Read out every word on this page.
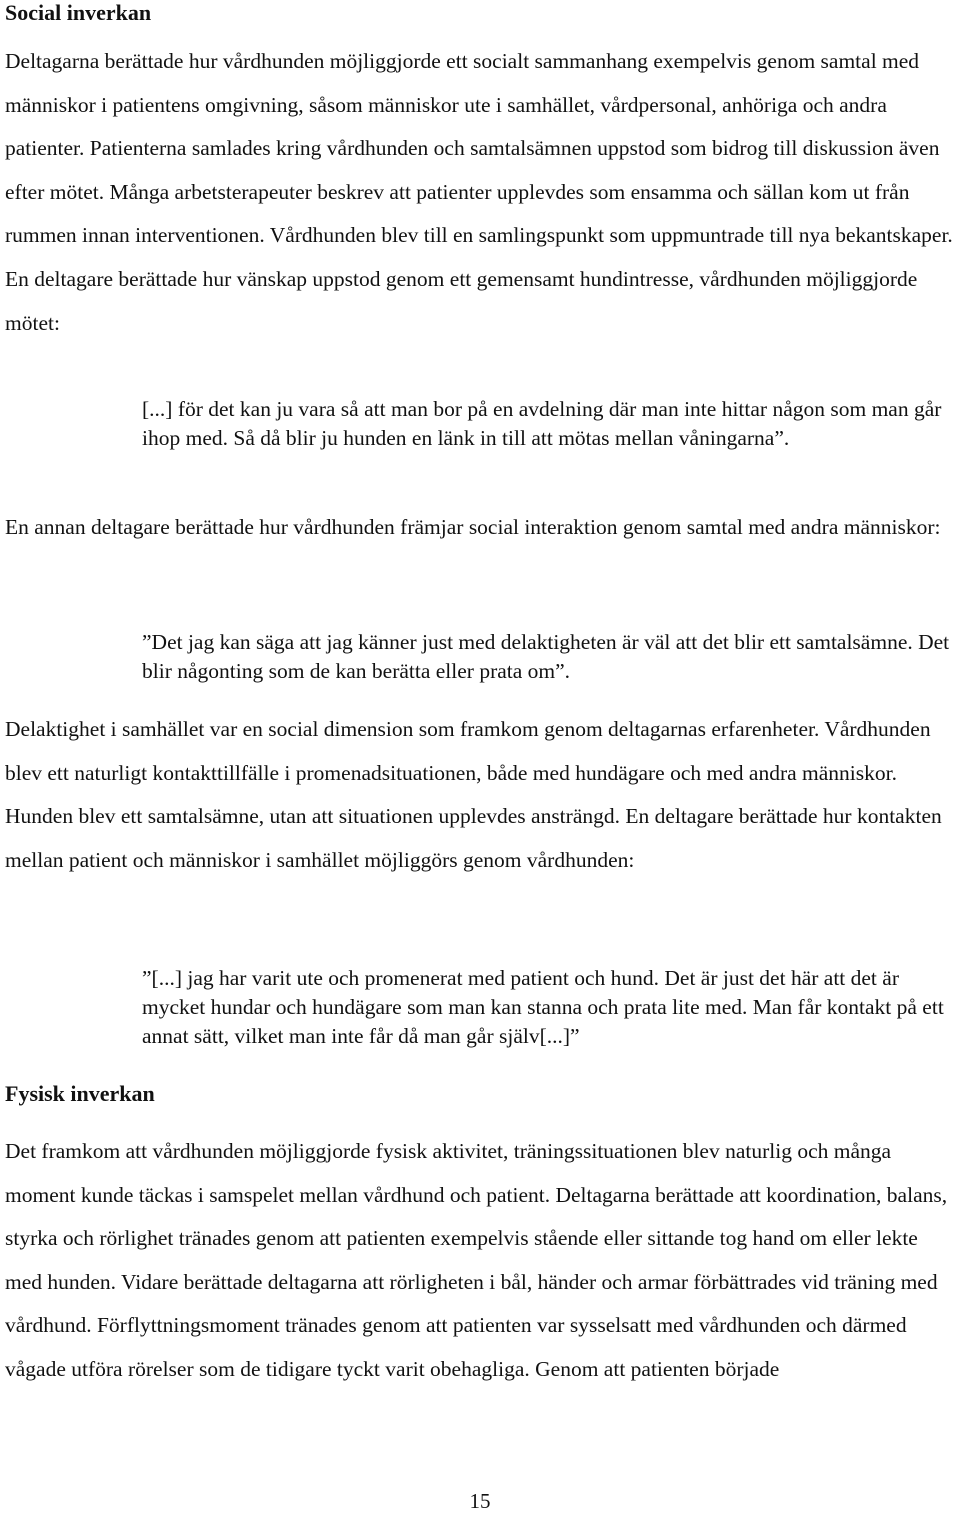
Social inverkan

Deltagarna berättade hur vårdhunden möjliggjorde ett socialt sammanhang exempelvis genom samtal med människor i patientens omgivning, såsom människor ute i samhället, vårdpersonal, anhöriga och andra patienter. Patienterna samlades kring vårdhunden och samtalsämnen uppstod som bidrog till diskussion även efter mötet. Många arbetsterapeuter beskrev att patienter upplevdes som ensamma och sällan kom ut från rummen innan interventionen. Vårdhunden blev till en samlingspunkt som uppmuntrade till nya bekantskaper. En deltagare berättade hur vänskap uppstod genom ett gemensamt hundintresse, vårdhunden möjliggjorde mötet:

[...] för det kan ju vara så att man bor på en avdelning där man inte hittar någon som man går ihop med. Så då blir ju hunden en länk in till att mötas mellan våningarna”.

En annan deltagare berättade hur vårdhunden främjar social interaktion genom samtal med andra människor:

”Det jag kan säga att jag känner just med delaktigheten är väl att det blir ett samtalsämne. Det blir någonting som de kan berätta eller prata om”.

Delaktighet i samhället var en social dimension som framkom genom deltagarnas erfarenheter. Vårdhunden blev ett naturligt kontakttillfälle i promenadsituationen, både med hundägare och med andra människor. Hunden blev ett samtalsämne, utan att situationen upplevdes ansträngd. En deltagare berättade hur kontakten mellan patient och människor i samhället möjliggörs genom vårdhunden:

”[...] jag har varit ute och promenerat med patient och hund. Det är just det här att det är mycket hundar och hundägare som man kan stanna och prata lite med. Man får kontakt på ett annat sätt, vilket man inte får då man går själv[...]”

Fysisk inverkan

Det framkom att vårdhunden möjliggjorde fysisk aktivitet, träningssituationen blev naturlig och många moment kunde täckas i samspelet mellan vårdhund och patient. Deltagarna berättade att koordination, balans, styrka och rörlighet tränades genom att patienten exempelvis stående eller sittande tog hand om eller lekte med hunden. Vidare berättade deltagarna att rörligheten i bål, händer och armar förbättrades vid träning med vårdhund. Förflyttningsmoment tränades genom att patienten var sysselsatt med vårdhunden och därmed vågade utföra rörelser som de tidigare tyckt varit obehagliga. Genom att patienten började

15
